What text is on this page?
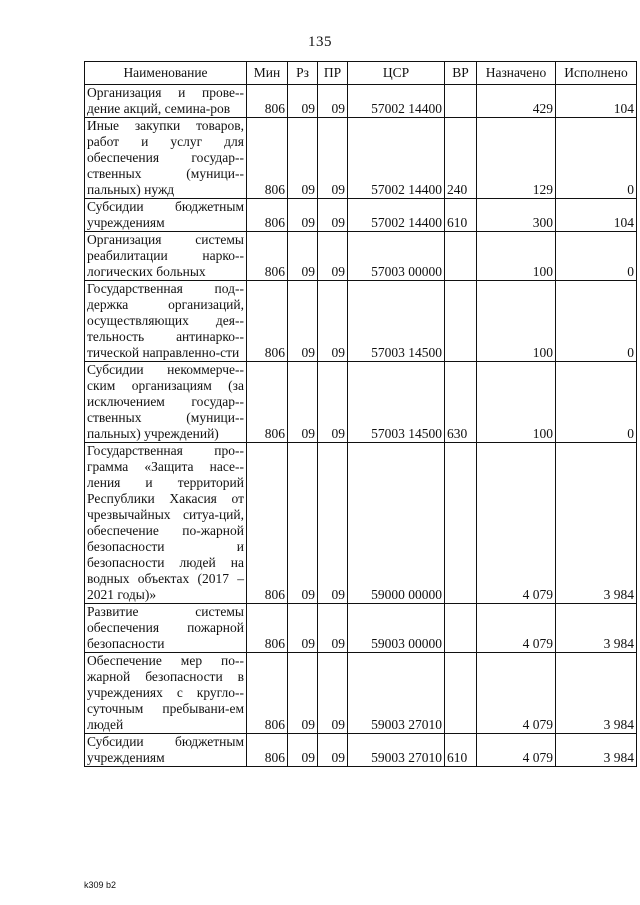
135
Наименование	Мин	Рз	ПР	ЦСР	ВР	Назначено	Исполнено
Организация и прове-дение акций, семина-ров	806	09	09	57002 14400		429	104
Иные закупки товаров, работ и услуг для обеспечения государ-ственных (муници-пальных) нужд	806	09	09	57002 14400	240	129	0
Субсидии бюджетным учреждениям	806	09	09	57002 14400	610	300	104
Организация системы реабилитации нарко-логических больных	806	09	09	57003 00000		100	0
Государственная под-держка организаций, осуществляющих дея-тельность антинарко-тической направленно-сти	806	09	09	57003 14500		100	0
Субсидии некоммерче-ским организациям (за исключением государ-ственных (муници-пальных) учреждений)	806	09	09	57003 14500	630	100	0
Государственная про-грамма «Защита насе-ления и территорий Республики Хакасия от чрезвычайных ситуа-ций, обеспечение по-жарной безопасности и безопасности людей на водных объектах (2017 – 2021 годы)»	806	09	09	59000 00000		4 079	3 984
Развитие системы обеспечения пожарной безопасности	806	09	09	59003 00000		4 079	3 984
Обеспечение мер по-жарной безопасности в учреждениях с кругло-суточным пребывани-ем людей	806	09	09	59003 27010		4 079	3 984
Субсидии бюджетным учреждениям	806	09	09	59003 27010	610	4 079	3 984
k309 b2
